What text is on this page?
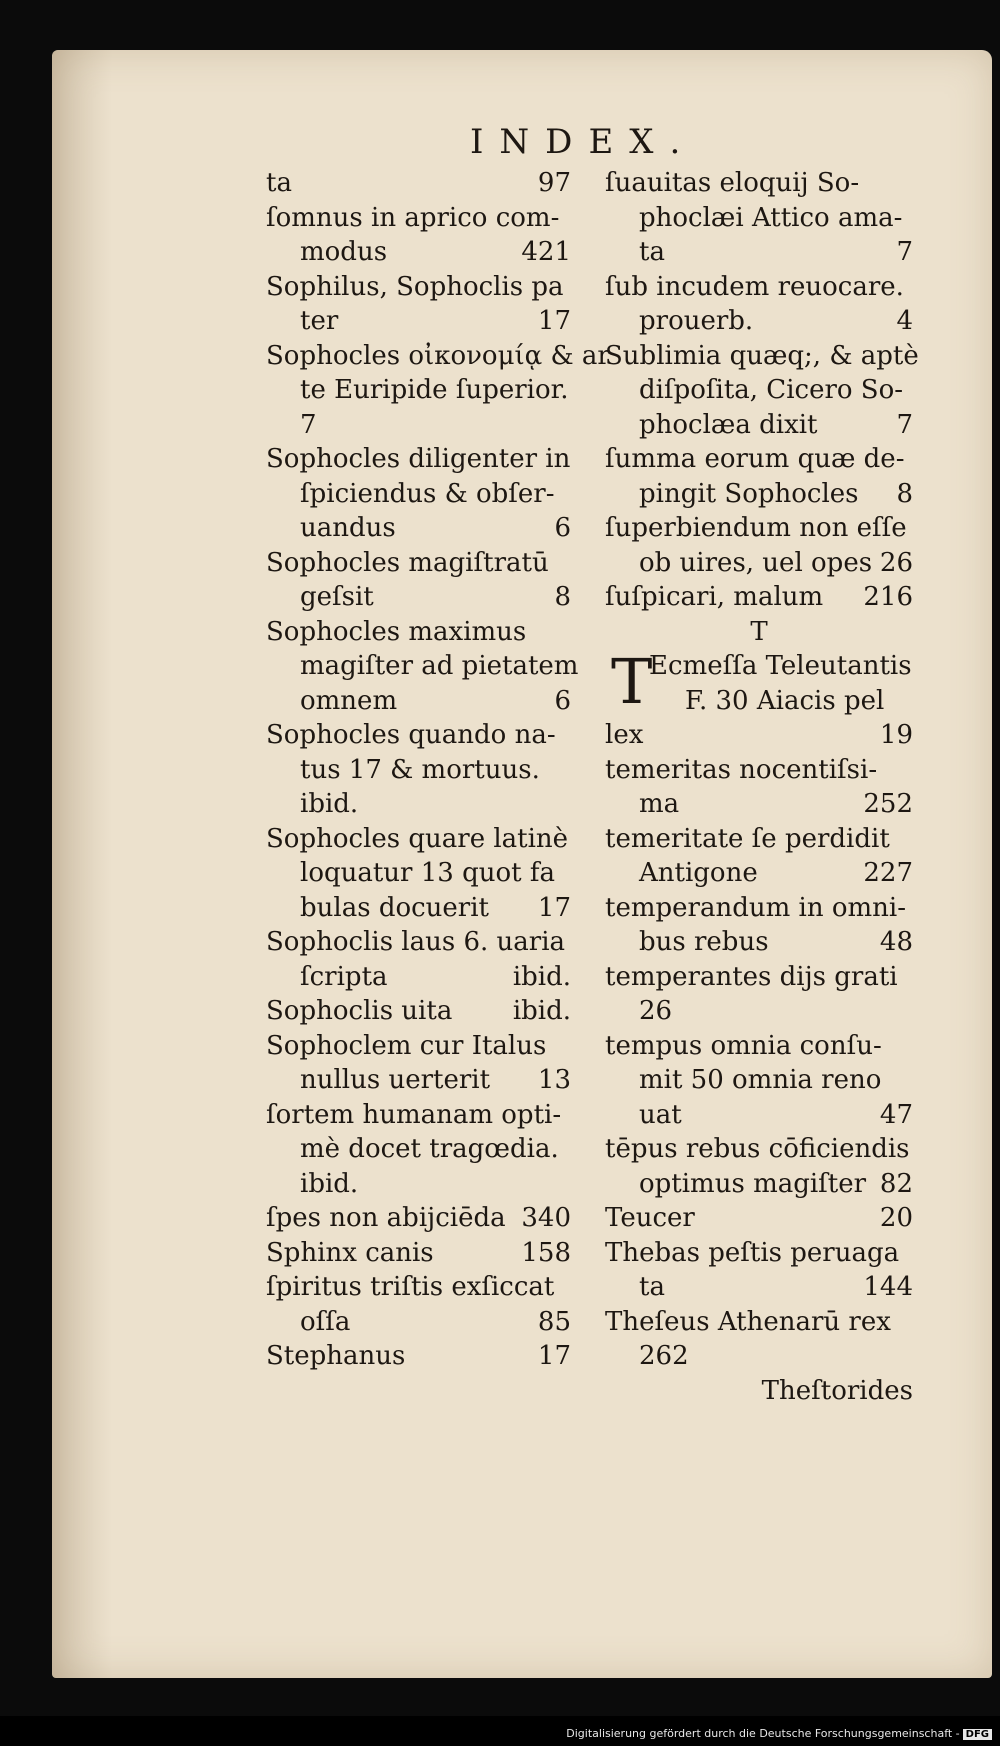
INDEX.
ta	97
ſomnus in aprico com-
modus	421
Sophilus, Sophoclis pa
ter	17
Sophocles οἰκονομίᾳ & ar
te Euripide ſuperior.
7
Sophocles diligenter in
ſpiciendus & obſer-
uandus	6
Sophocles magiſtratū
geſsit	8
Sophocles maximus
magiſter ad pietatem
omnem	6
Sophocles quando na-
tus 17 & mortuus.
ibid.
Sophocles quare latinè
loquatur 13 quot fa
bulas docuerit 17
Sophoclis laus 6. uaria
ſcripta	ibid.
Sophoclis uita ibid.
Sophoclem cur Italus
nullus uerterit 13
ſortem humanam opti-
mè docet tragœdia.
ibid.
ſpes non abijciēda 340
Sphinx canis	158
ſpiritus triſtis exſiccat
oſſa	85
Stephanus	17
ſuauitas eloquij So-
phoclæi Attico ama-
ta	7
ſub incudem reuocare.
prouerb.	4
Sublimia quæq;, & aptè
diſpoſita, Cicero So-
phoclæa dixit	7
ſumma eorum quæ de-
pingit Sophocles 8
ſuperbiendum non eſſe
ob uires, uel opes 26
ſuſpicari, malum 216
T
T
Ecmeſſa Teleutantis
F. 30 Aiacis pel
lex	19
temeritas nocentiſsi-
ma	252
temeritate ſe perdidit
Antigone	227
temperandum in omni-
bus rebus	48
temperantes dijs grati
26
tempus omnia conſu-
mit 50 omnia reno
uat	47
tēpus rebus cōficiendis
optimus magiſter 82
Teucer	20
Thebas peſtis peruaga
ta	144
Theſeus Athenarū rex
262
Theſtorides
Digitalisierung gefördert durch die Deutsche Forschungsgemeinschaft - DFG
